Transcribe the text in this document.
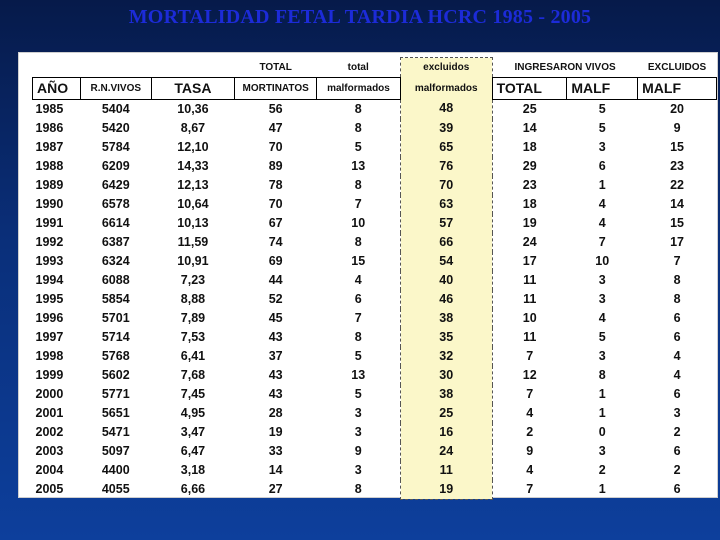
MORTALIDAD FETAL TARDIA HCRC 1985 - 2005
			TOTAL	total	excluidos	INGRESARON VIVOS		EXCLUIDOS
AÑO	R.N.VIVOS	TASA	MORTINATOS	malformados	malformados	TOTAL	MALF	MALF
1985	5404	10,36	56	8	48	25	5	20
1986	5420	8,67	47	8	39	14	5	9
1987	5784	12,10	70	5	65	18	3	15
1988	6209	14,33	89	13	76	29	6	23
1989	6429	12,13	78	8	70	23	1	22
1990	6578	10,64	70	7	63	18	4	14
1991	6614	10,13	67	10	57	19	4	15
1992	6387	11,59	74	8	66	24	7	17
1993	6324	10,91	69	15	54	17	10	7
1994	6088	7,23	44	4	40	11	3	8
1995	5854	8,88	52	6	46	11	3	8
1996	5701	7,89	45	7	38	10	4	6
1997	5714	7,53	43	8	35	11	5	6
1998	5768	6,41	37	5	32	7	3	4
1999	5602	7,68	43	13	30	12	8	4
2000	5771	7,45	43	5	38	7	1	6
2001	5651	4,95	28	3	25	4	1	3
2002	5471	3,47	19	3	16	2	0	2
2003	5097	6,47	33	9	24	9	3	6
2004	4400	3,18	14	3	11	4	2	2
2005	4055	6,66	27	8	19	7	1	6
